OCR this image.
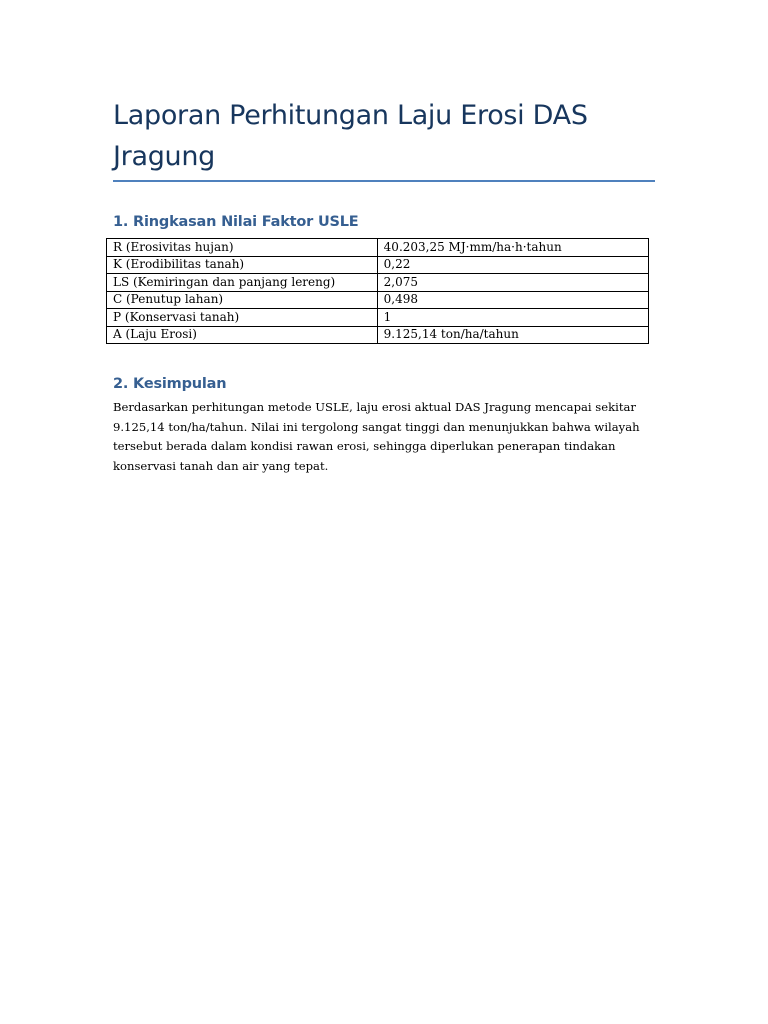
Laporan Perhitungan Laju Erosi DAS Jragung
1. Ringkasan Nilai Faktor USLE
R (Erosivitas hujan)	40.203,25 MJ·mm/ha·h·tahun
K (Erodibilitas tanah)	0,22
LS (Kemiringan dan panjang lereng)	2,075
C (Penutup lahan)	0,498
P (Konservasi tanah)	1
A (Laju Erosi)	9.125,14 ton/ha/tahun
2. Kesimpulan

Berdasarkan perhitungan metode USLE, laju erosi aktual DAS Jragung mencapai sekitar
9.125,14 ton/ha/tahun. Nilai ini tergolong sangat tinggi dan menunjukkan bahwa wilayah
tersebut berada dalam kondisi rawan erosi, sehingga diperlukan penerapan tindakan
konservasi tanah dan air yang tepat.
